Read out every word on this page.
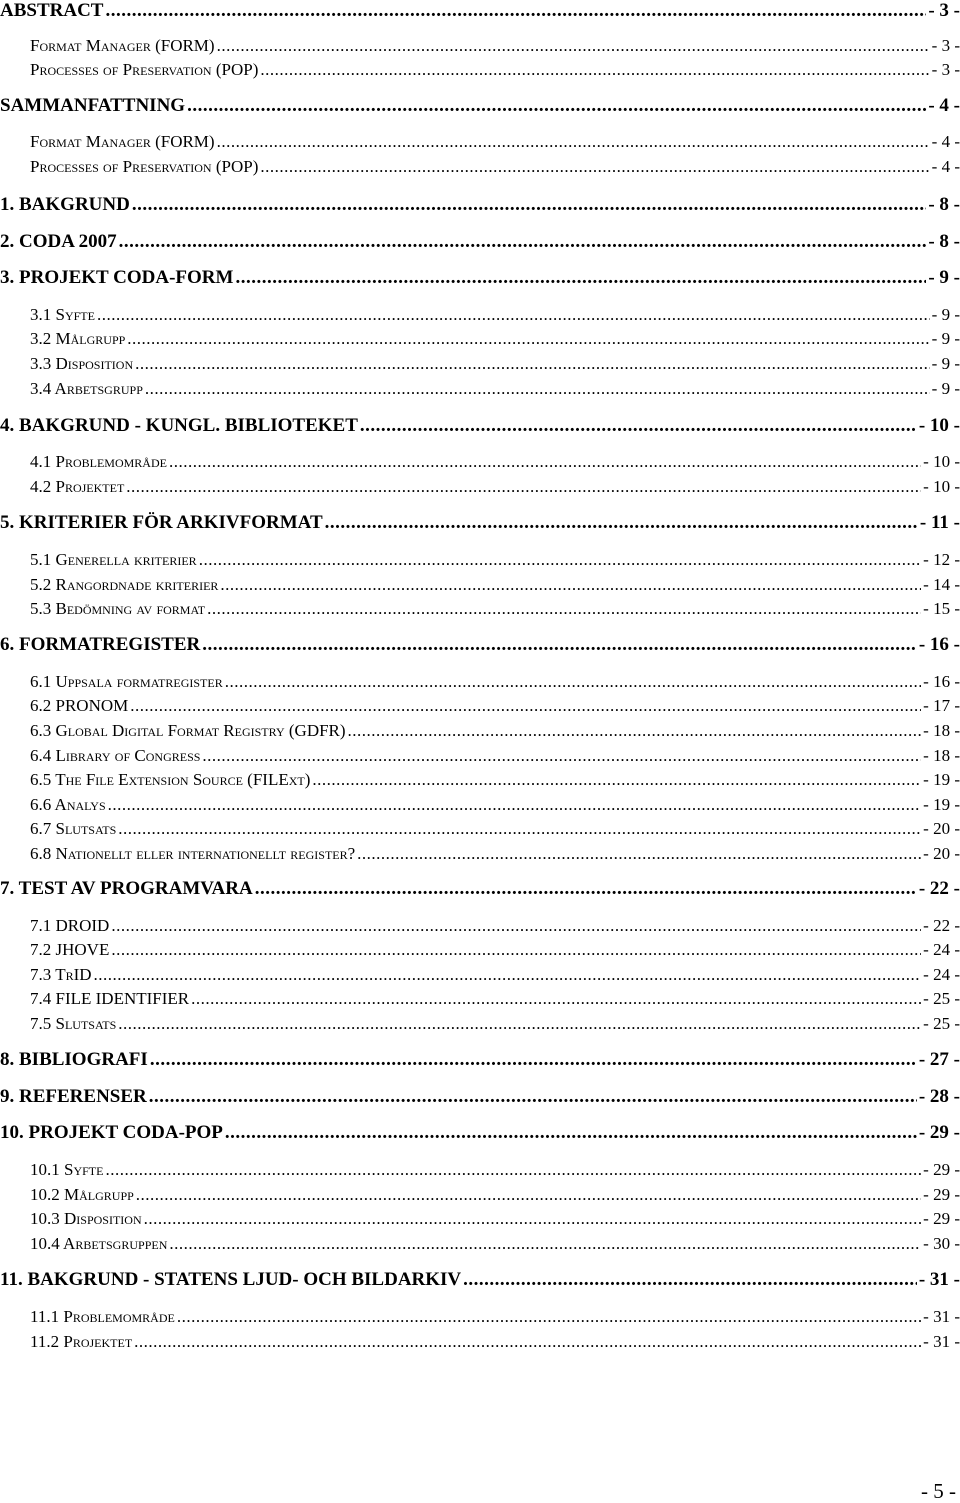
ABSTRACT .....	- 3 -
Format Manager (FORM) .....	- 3 -
Processes of Preservation (POP) .....	- 3 -
SAMMANFATTNING .....	- 4 -
Format Manager (FORM) .....	- 4 -
Processes of Preservation (POP) .....	- 4 -
1. BAKGRUND .....	- 8 -
2. CODA 2007 .....	- 8 -
3. PROJEKT CODA-FORM .....	- 9 -
3.1 Syfte .....	- 9 -
3.2 Målgrupp .....	- 9 -
3.3 Disposition .....	- 9 -
3.4 Arbetsgrupp .....	- 9 -
4. BAKGRUND - KUNGL. BIBLIOTEKET .....	- 10 -
4.1 Problemområde .....	- 10 -
4.2 Projektet .....	- 10 -
5. KRITERIER FÖR ARKIVFORMAT .....	- 11 -
5.1 Generella kriterier .....	- 12 -
5.2 Rangordnade kriterier .....	- 14 -
5.3 Bedömning av format .....	- 15 -
6. FORMATREGISTER .....	- 16 -
6.1 Uppsala formatregister .....	- 16 -
6.2 PRONOM .....	- 17 -
6.3 Global Digital Format Registry (GDFR) .....	- 18 -
6.4 Library of Congress .....	- 18 -
6.5 The File Extension Source (FILExt) .....	- 19 -
6.6 Analys .....	- 19 -
6.7 Slutsats .....	- 20 -
6.8 Nationellt eller internationellt register? .....	- 20 -
7. TEST AV PROGRAMVARA .....	- 22 -
7.1 DROID .....	- 22 -
7.2 JHOVE .....	- 24 -
7.3 TrID .....	- 24 -
7.4 FILE IDENTIFIER .....	- 25 -
7.5 Slutsats .....	- 25 -
8. BIBLIOGRAFI .....	- 27 -
9. REFERENSER .....	- 28 -
10. PROJEKT CODA-POP .....	- 29 -
10.1 Syfte .....	- 29 -
10.2 Målgrupp .....	- 29 -
10.3 Disposition .....	- 29 -
10.4 Arbetsgruppen .....	- 30 -
11. BAKGRUND - STATENS LJUD- OCH BILDARKIV .....	- 31 -
11.1 Problemområde .....	- 31 -
11.2 Projektet .....	- 31 -
- 5 -
